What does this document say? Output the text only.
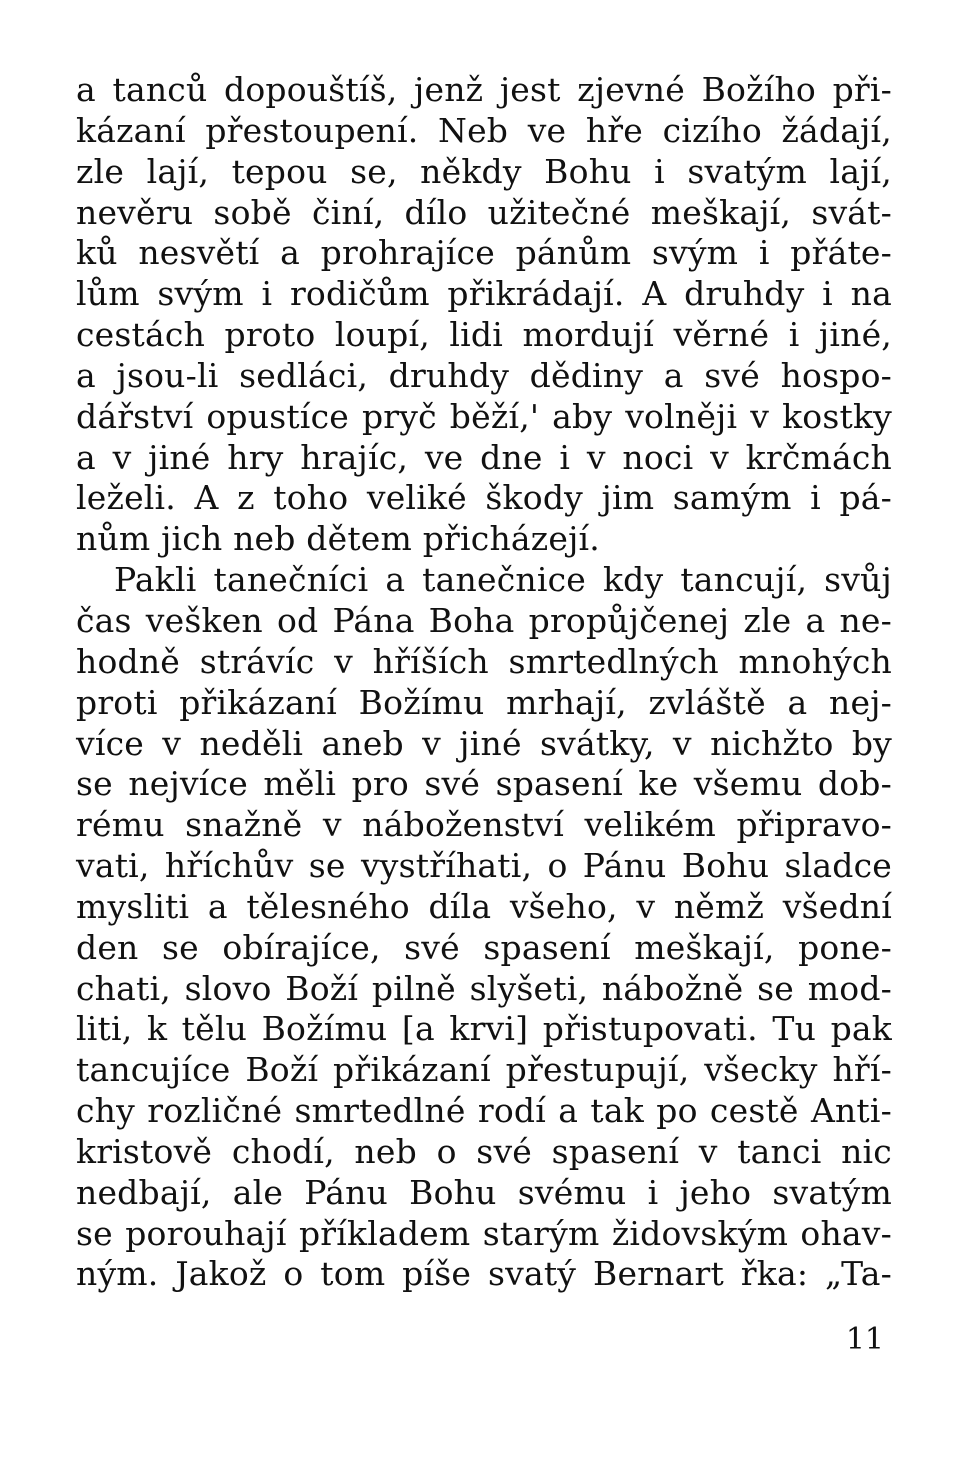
a tanců dopouštíš, jenž jest zjevné Božího při-
kázaní přestoupení. Neb ve hře cizího žádají,
zle lají, tepou se, někdy Bohu i svatým lají,
nevěru sobě činí, dílo užitečné meškají, svát-
ků nesvětí a prohrajíce pánům svým i přáte-
lům svým i rodičům přikrádají. A druhdy i na
cestách proto loupí, lidi mordují věrné i jiné,
a jsou-li sedláci, druhdy dědiny a své hospo-
dářství opustíce pryč běží,' aby volněji v kostky
a v jiné hry hrajíc, ve dne i v noci v krčmách
leželi. A z toho veliké škody jim samým i pá-
nům jich neb dětem přicházejí.
Pakli tanečníci a tanečnice kdy tancují, svůj
čas vešken od Pána Boha propůjčenej zle a ne-
hodně strávíc v hříších smrtedlných mnohých
proti přikázaní Božímu mrhají, zvláště a nej-
více v neděli aneb v jiné svátky, v nichžto by
se nejvíce měli pro své spasení ke všemu dob-
rému snažně v náboženství velikém připravo-
vati, hříchův se vystříhati, o Pánu Bohu sladce
mysliti a tělesného díla všeho, v němž všední
den se obírajíce, své spasení meškají, pone-
chati, slovo Boží pilně slyšeti, nábožně se mod-
liti, k tělu Božímu [a krvi] přistupovati. Tu pak
tancujíce Boží přikázaní přestupují, všecky hří-
chy rozličné smrtedlné rodí a tak po cestě Anti-
kristově chodí, neb o své spasení v tanci nic
nedbají, ale Pánu Bohu svému i jeho svatým
se porouhají příkladem starým židovským ohav-
ným. Jakož o tom píše svatý Bernart řka: „Ta-
11
